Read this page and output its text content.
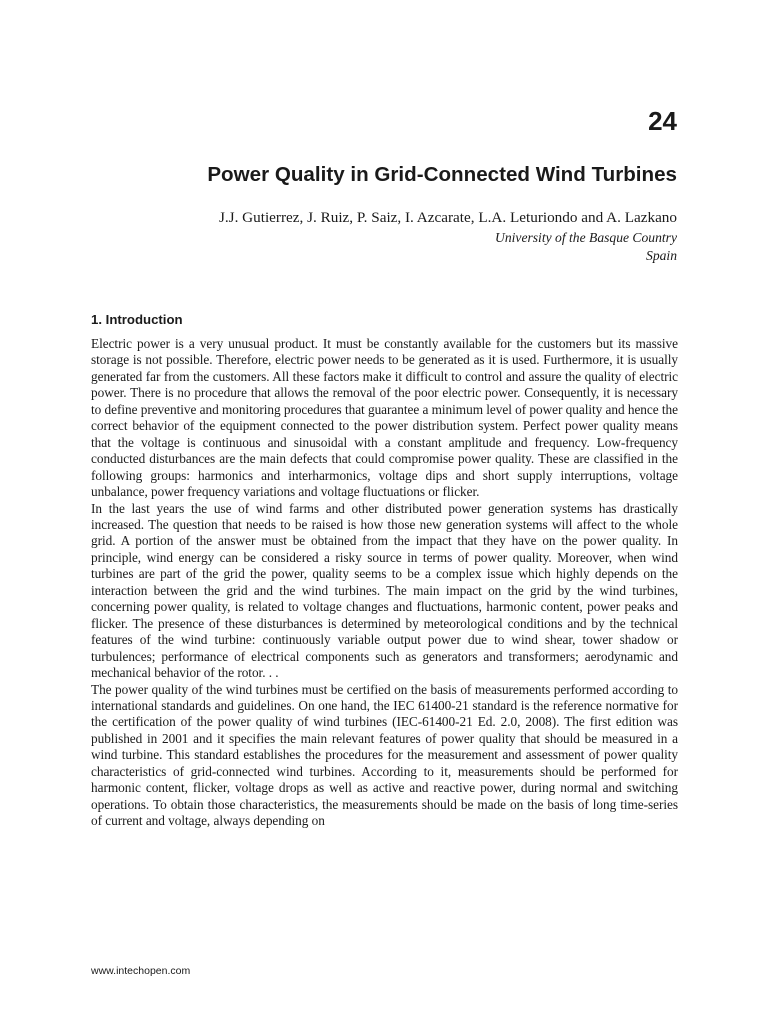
24
Power Quality in Grid-Connected Wind Turbines

J.J. Gutierrez, J. Ruiz, P. Saiz, I. Azcarate, L.A. Leturiondo and A. Lazkano

University of the Basque Country
Spain
1. Introduction

Electric power is a very unusual product. It must be constantly available for the customers but its massive storage is not possible. Therefore, electric power needs to be generated as it is used. Furthermore, it is usually generated far from the customers. All these factors make it difficult to control and assure the quality of electric power. There is no procedure that allows the removal of the poor electric power. Consequently, it is necessary to define preventive and monitoring procedures that guarantee a minimum level of power quality and hence the correct behavior of the equipment connected to the power distribution system. Perfect power quality means that the voltage is continuous and sinusoidal with a constant amplitude and frequency. Low-frequency conducted disturbances are the main defects that could compromise power quality. These are classified in the following groups: harmonics and interharmonics, voltage dips and short supply interruptions, voltage unbalance, power frequency variations and voltage fluctuations or flicker.

In the last years the use of wind farms and other distributed power generation systems has drastically increased. The question that needs to be raised is how those new generation systems will affect to the whole grid. A portion of the answer must be obtained from the impact that they have on the power quality. In principle, wind energy can be considered a risky source in terms of power quality. Moreover, when wind turbines are part of the grid the power, quality seems to be a complex issue which highly depends on the interaction between the grid and the wind turbines. The main impact on the grid by the wind turbines, concerning power quality, is related to voltage changes and fluctuations, harmonic content, power peaks and flicker. The presence of these disturbances is determined by meteorological conditions and by the technical features of the wind turbine: continuously variable output power due to wind shear, tower shadow or turbulences; performance of electrical components such as generators and transformers; aerodynamic and mechanical behavior of the rotor. . .

The power quality of the wind turbines must be certified on the basis of measurements performed according to international standards and guidelines. On one hand, the IEC 61400-21 standard is the reference normative for the certification of the power quality of wind turbines (IEC-61400-21 Ed. 2.0, 2008). The first edition was published in 2001 and it specifies the main relevant features of power quality that should be measured in a wind turbine. This standard establishes the procedures for the measurement and assessment of power quality characteristics of grid-connected wind turbines. According to it, measurements should be performed for harmonic content, flicker, voltage drops as well as active and reactive power, during normal and switching operations. To obtain those characteristics, the measurements should be made on the basis of long time-series of current and voltage, always depending on

www.intechopen.com
